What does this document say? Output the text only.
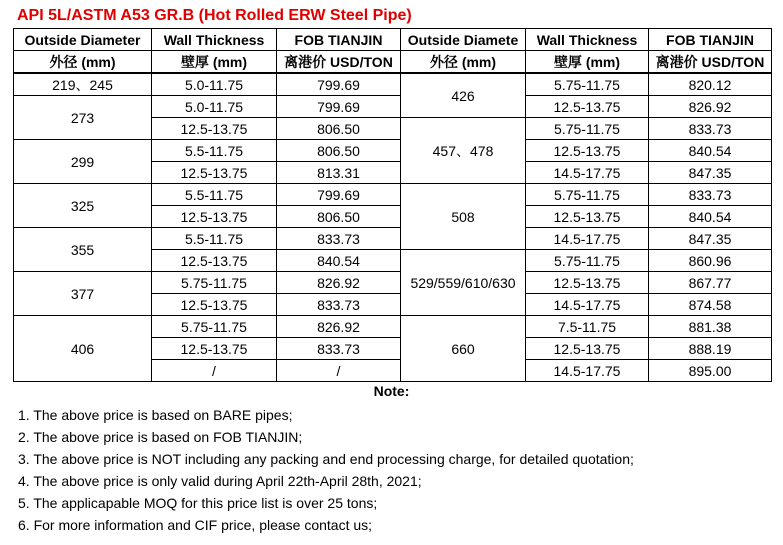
API 5L/ASTM A53 GR.B (Hot Rolled ERW Steel Pipe)
Outside Diameter	Wall Thickness	FOB TIANJIN	Outside Diamete	Wall Thickness	FOB TIANJIN
外径 (mm)	壁厚 (mm)	离港价 USD/TON	外径 (mm)	壁厚 (mm)	离港价 USD/TON
219、245	5.0-11.75	799.69	426	5.75-11.75	820.12
273	5.0-11.75	799.69		12.5-13.75	826.92
	12.5-13.75	806.50	457、478	5.75-11.75	833.73
299	5.5-11.75	806.50		12.5-13.75	840.54
	12.5-13.75	813.31		14.5-17.75	847.35
325	5.5-11.75	799.69	508	5.75-11.75	833.73
	12.5-13.75	806.50		12.5-13.75	840.54
355	5.5-11.75	833.73		14.5-17.75	847.35
	12.5-13.75	840.54	529/559/610/630	5.75-11.75	860.96
377	5.75-11.75	826.92		12.5-13.75	867.77
	12.5-13.75	833.73		14.5-17.75	874.58
406	5.75-11.75	826.92	660	7.5-11.75	881.38
	12.5-13.75	833.73		12.5-13.75	888.19
	/	/		14.5-17.75	895.00
Note:
1. The above price is based on BARE pipes;
2. The above price is based on FOB TIANJIN;
3. The above price is NOT including any packing and end processing charge, for detailed quotation;
4. The above price is only valid during April 22th-April 28th, 2021;
5. The applicapable MOQ for this price list is over 25 tons;
6. For more information and CIF price, please contact us;
